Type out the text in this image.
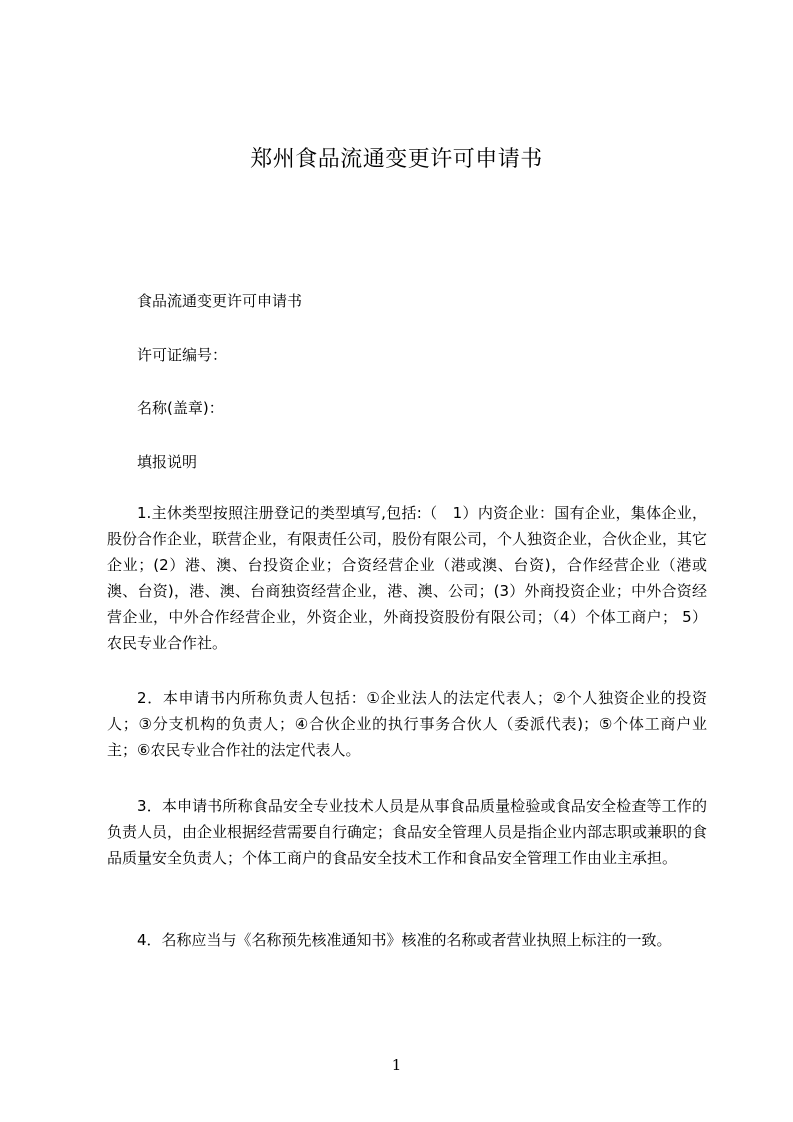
郑州食品流通变更许可申请书

食品流通变更许可申请书

许可证编号：

名称(盖章)：

填报说明

1.主休类型按照注册登记的类型填写,包括:（　1）内资企业：国有企业，集体企业，股份合作企业，联营企业，有限责任公司，股份有限公司，个人独资企业，合伙企业，其它企业；(2）港、澳、台投资企业；合资经营企业（港或澳、台资)，合作经营企业（港或澳、台资)，港、澳、台商独资经营企业，港、澳、公司；(3）外商投资企业；中外合资经营企业，中外合作经营企业，外资企业，外商投资股份有限公司；（4）个体工商户； 5）农民专业合作社。

2．本申请书内所称负责人包括：①企业法人的法定代表人；②个人独资企业的投资人；③分支机构的负责人；④合伙企业的执行事务合伙人（委派代表)；⑤个体工商户业主；⑥农民专业合作社的法定代表人。

3．本申请书所称食品安全专业技术人员是从事食品质量检验或食品安全检查等工作的负责人员，由企业根据经营需要自行确定；食品安全管理人员是指企业内部志职或兼职的食品质量安全负责人；个体工商户的食品安全技术工作和食品安全管理工作由业主承担。

4．名称应当与《名称预先核准通知书》核准的名称或者营业执照上标注的一致。

1
